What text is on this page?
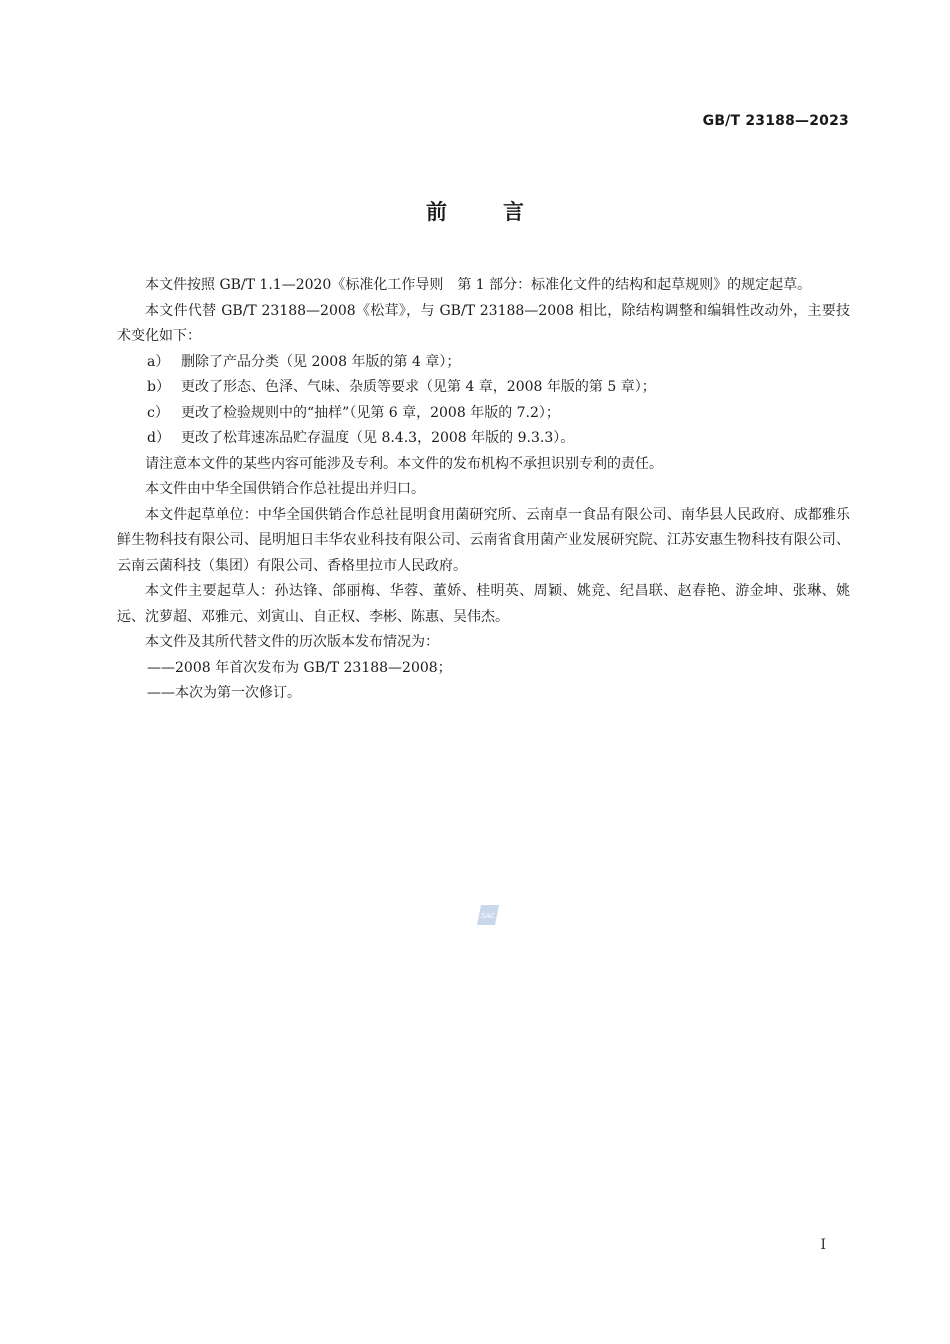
GB/T 23188—2023
前言

本文件按照 GB/T 1.1—2020《标准化工作导则　第 1 部分：标准化文件的结构和起草规则》的规定起草。

本文件代替 GB/T 23188—2008《松茸》，与 GB/T 23188—2008 相比，除结构调整和编辑性改动外，主要技术变化如下：

a） 删除了产品分类（见 2008 年版的第 4 章）；
b） 更改了形态、色泽、气味、杂质等要求（见第 4 章，2008 年版的第 5 章）；
c） 更改了检验规则中的“抽样”（见第 6 章，2008 年版的 7.2）；
d） 更改了松茸速冻品贮存温度（见 8.4.3，2008 年版的 9.3.3）。

请注意本文件的某些内容可能涉及专利。本文件的发布机构不承担识别专利的责任。

本文件由中华全国供销合作总社提出并归口。

本文件起草单位：中华全国供销合作总社昆明食用菌研究所、云南卓一食品有限公司、南华县人民政府、成都雅乐鲜生物科技有限公司、昆明旭日丰华农业科技有限公司、云南省食用菌产业发展研究院、江苏安惠生物科技有限公司、云南云菌科技（集团）有限公司、香格里拉市人民政府。

本文件主要起草人：孙达锋、郃丽梅、华蓉、董娇、桂明英、周颖、姚竞、纪昌联、赵春艳、游金坤、张琳、姚远、沈萝超、邓雅元、刘寅山、自正权、李彬、陈惠、吴伟杰。

本文件及其所代替文件的历次版本发布情况为：

——2008 年首次发布为 GB/T 23188—2008；

——本次为第一次修订。

SAC
I
